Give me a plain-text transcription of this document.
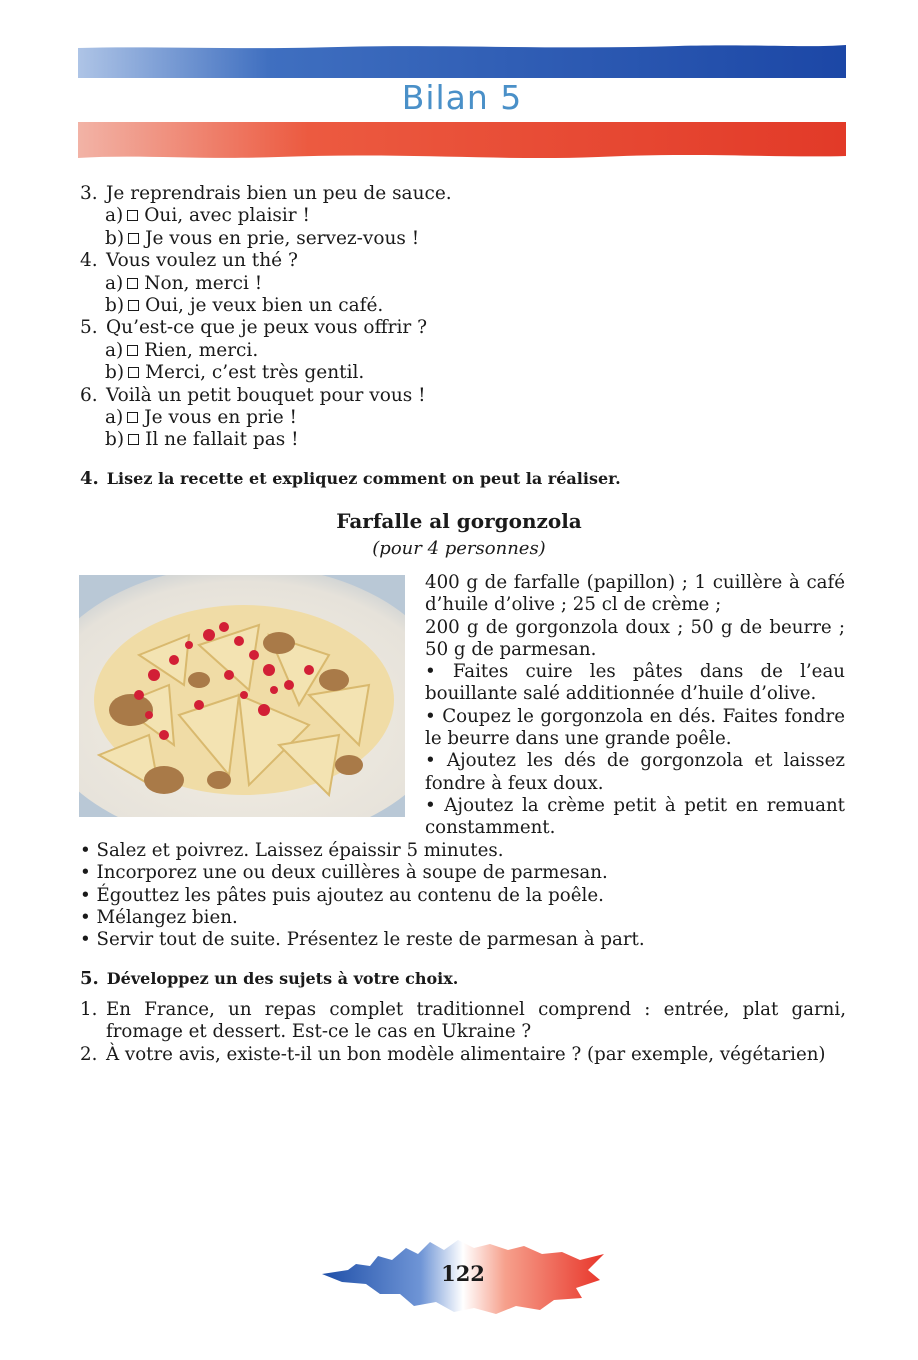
Bilan 5
3. Je reprendrais bien un peu de sauce.
a) Oui, avec plaisir !
b) Je vous en prie, servez-vous !
4. Vous voulez un thé ?
a) Non, merci !
b) Oui, je veux bien un café.
5. Qu’est-ce que je peux vous offrir ?
a) Rien, merci.
b) Merci, c’est très gentil.
6. Voilà un petit bouquet pour vous !
a) Je vous en prie !
b) Il ne fallait pas !
4. Lisez la recette et expliquez comment on peut la réaliser.
Farfalle al gorgonzola
(pour 4 personnes)

400 g de farfalle (papillon) ; 1 cuillère à café d’huile d’olive ; 25 cl de crème ;

200 g de gorgonzola doux ; 50 g de beurre ; 50 g de parmesan.

• Faites cuire les pâtes dans de l’eau bouillante salé additionnée d’huile d’olive.

• Coupez le gorgonzola en dés. Faites fondre le beurre dans une grande poêle.

• Ajoutez les dés de gorgonzola et laissez fondre à feux doux.

• Ajoutez la crème petit à petit en remuant constamment.

• Salez et poivrez. Laissez épaissir 5 minutes.

• Incorporez une ou deux cuillères à soupe de parmesan.

• Égouttez les pâtes puis ajoutez au contenu de la poêle.

• Mélangez bien.

• Servir tout de suite. Présentez le reste de parmesan à part.

5. Développez un des sujets à votre choix.
1. En France, un repas complet traditionnel comprend : entrée, plat garni, fromage et dessert. Est-ce le cas en Ukraine ?
2. À votre avis, existe-t-il un bon modèle alimentaire ? (par exemple, végétarien)
122
